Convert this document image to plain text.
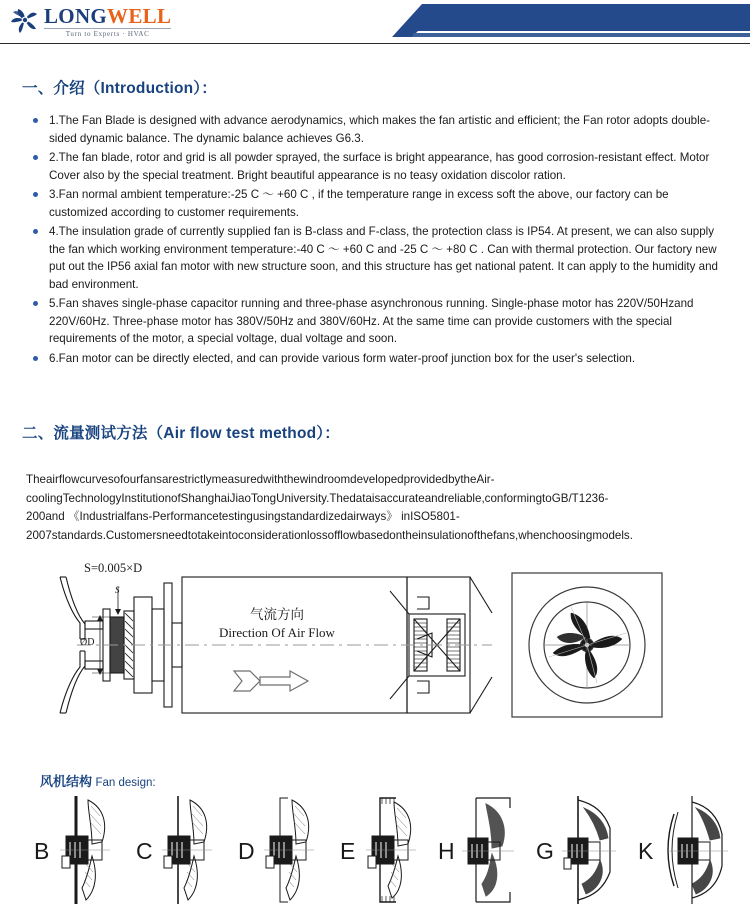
LONGWELL
Turn to Experts · HVAC
一、介绍（Introduction）：
1.The Fan Blade is designed with advance aerodynamics, which makes the fan artistic and efficient; the Fan rotor adopts double-sided dynamic balance. The dynamic balance achieves G6.3.
2.The fan blade, rotor and grid is all powder sprayed, the surface is bright appearance, has good corrosion-resistant effect. Motor Cover also by the special treatment. Bright beautiful appearance is no teasy oxidation discolor ration.
3.Fan normal ambient temperature:-25 C ～ +60 C , if the temperature range in excess soft the above, our factory can be customized according to customer requirements.
4.The insulation grade of currently supplied fan is B-class and F-class, the protection class is IP54. At present, we can also supply the fan which working environment temperature:-40 C ～ +60 C and -25 C ～ +80 C . Can with thermal protection. Our factory new put out the IP56 axial fan motor with new structure soon, and this structure has get national patent. It can apply to the humidity and bad environment.
5.Fan shaves single-phase capacitor running and three-phase asynchronous running. Single-phase motor has 220V/50Hzand 220V/60Hz. Three-phase motor has 380V/50Hz and 380V/60Hz. At the same time can provide customers with the special requirements of the motor, a special voltage, dual voltage and soon.
6.Fan motor can be directly elected, and can provide various form water-proof junction box for the user's selection.
二、流量测试方法（Air flow test method）：
TheairflowcurvesofourfansarestrictlymeasuredwiththewindroomdevelopedprovidedbytheAir-coolingTechnologyInstitutionofShanghaiJiaoTongUniversity.Thedataisaccurateandreliable,conformingtoGB/T1236-200and 《Industrialfans-Performancetestingusingstandardizedairways》 inISO5801-2007standards.Customersneedtotakeintoconsiderationlossofflowbasedontheinsulationofthefans,whenchoosingmodels.
S=0.005×D
S
ØD
气流方向
Direction Of Air Flow
风机结构 Fan design:
B	C	D	E	H	G	K
